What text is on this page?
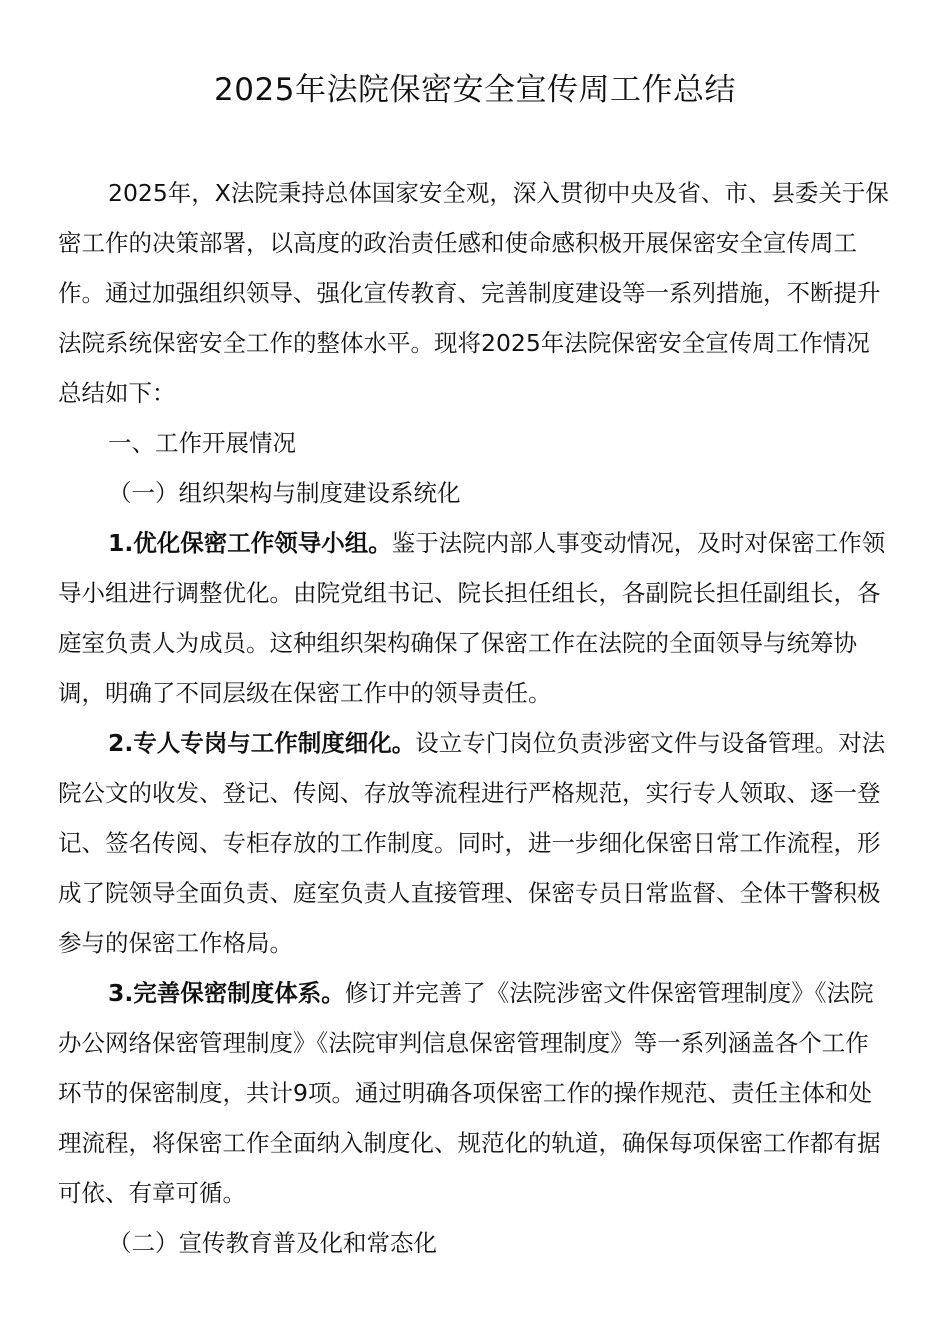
2025年法院保密安全宣传周工作总结

2025年，X法院秉持总体国家安全观，深入贯彻中央及省、市、县委关于保密工作的决策部署，以高度的政治责任感和使命感积极开展保密安全宣传周工作。通过加强组织领导、强化宣传教育、完善制度建设等一系列措施，不断提升法院系统保密安全工作的整体水平。现将2025年法院保密安全宣传周工作情况总结如下：

一、工作开展情况

（一）组织架构与制度建设系统化

1.优化保密工作领导小组。鉴于法院内部人事变动情况，及时对保密工作领导小组进行调整优化。由院党组书记、院长担任组长，各副院长担任副组长，各庭室负责人为成员。这种组织架构确保了保密工作在法院的全面领导与统筹协调，明确了不同层级在保密工作中的领导责任。

2.专人专岗与工作制度细化。设立专门岗位负责涉密文件与设备管理。对法院公文的收发、登记、传阅、存放等流程进行严格规范，实行专人领取、逐一登记、签名传阅、专柜存放的工作制度。同时，进一步细化保密日常工作流程，形成了院领导全面负责、庭室负责人直接管理、保密专员日常监督、全体干警积极参与的保密工作格局。

3.完善保密制度体系。修订并完善了《法院涉密文件保密管理制度》《法院办公网络保密管理制度》《法院审判信息保密管理制度》等一系列涵盖各个工作环节的保密制度，共计9项。通过明确各项保密工作的操作规范、责任主体和处理流程，将保密工作全面纳入制度化、规范化的轨道，确保每项保密工作都有据可依、有章可循。

（二）宣传教育普及化和常态化
